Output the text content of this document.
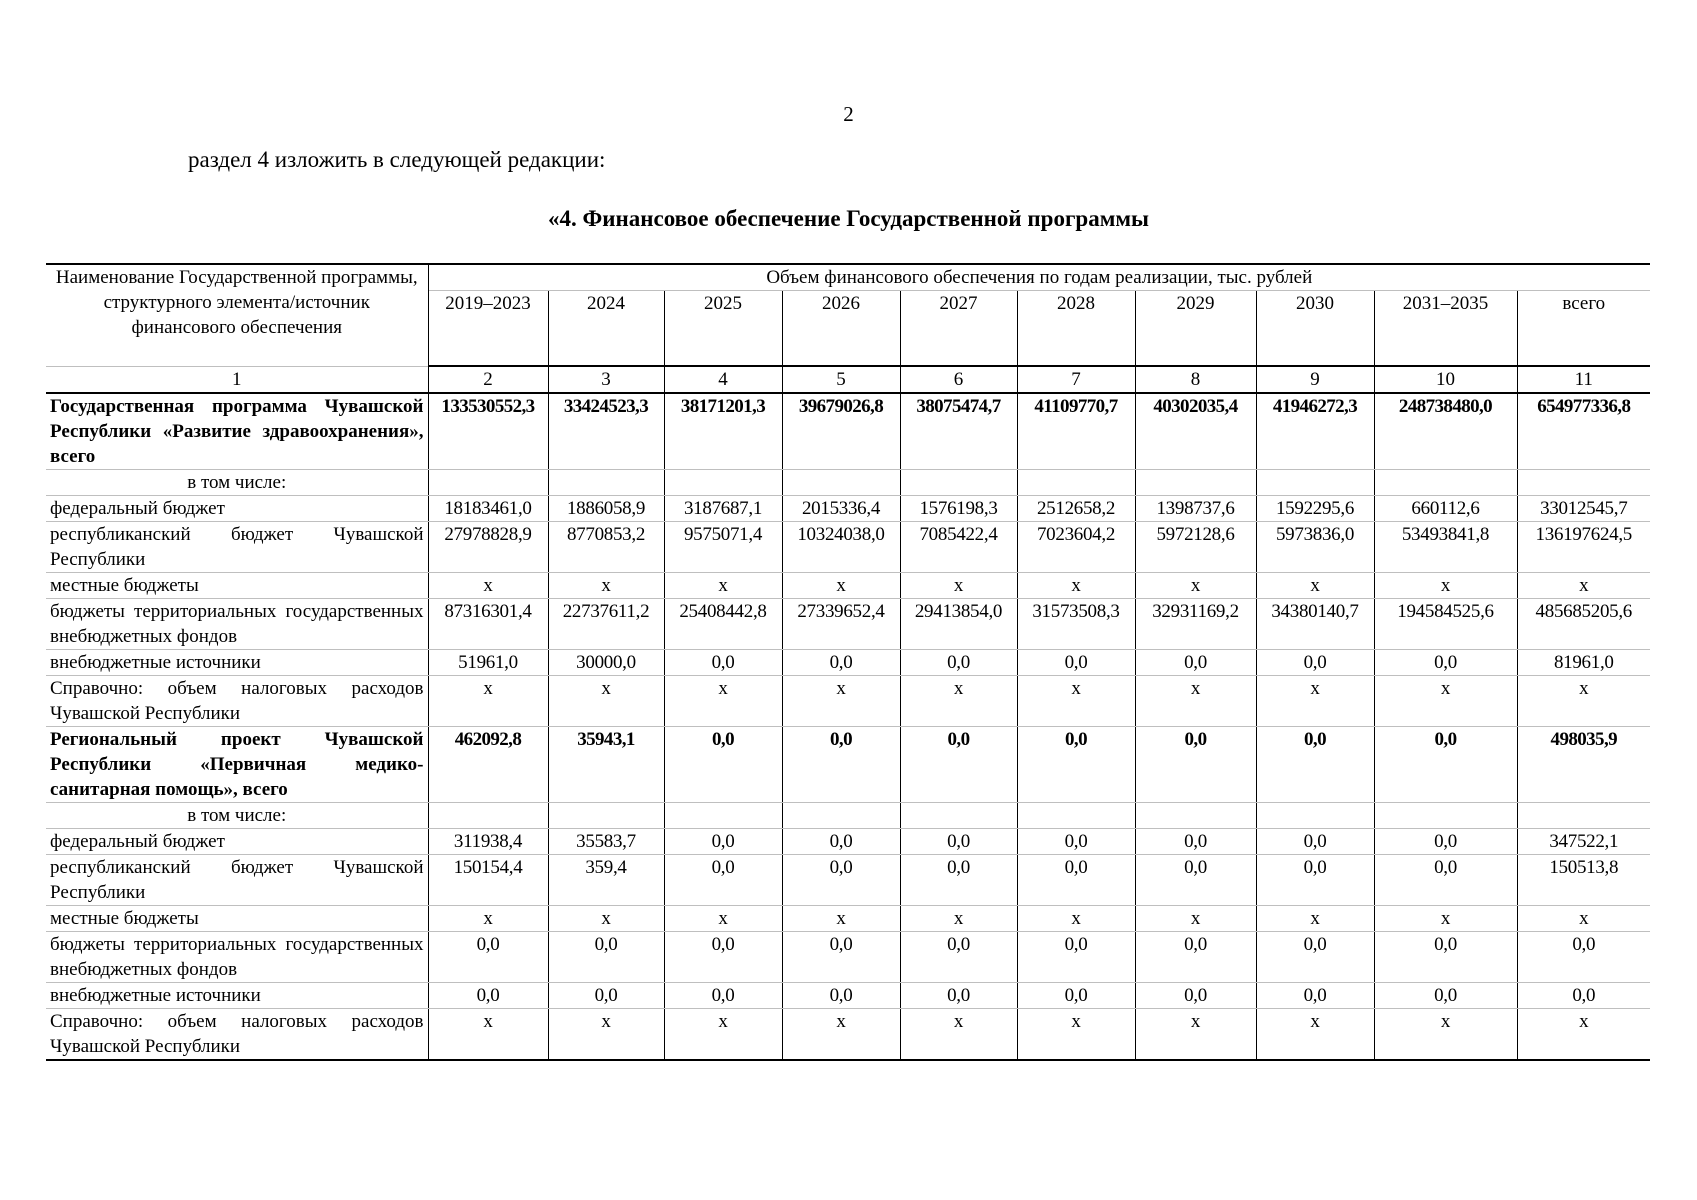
2
раздел 4 изложить в следующей редакции:
«4. Финансовое обеспечение Государственной программы
Наименование Государственной программы, структурного элемента/источник финансового обеспечения	Объем финансового обеспечения по годам реализации, тыс. рублей									
	2019–2023	2024	2025	2026	2027	2028	2029	2030	2031–2035	всего
1	2	3	4	5	6	7	8	9	10	11
Государственная программа Чувашской Республики «Развитие здравоохранения», всего	133530552,3	33424523,3	38171201,3	39679026,8	38075474,7	41109770,7	40302035,4	41946272,3	248738480,0	654977336,8
в том числе:										
федеральный бюджет	18183461,0	1886058,9	3187687,1	2015336,4	1576198,3	2512658,2	1398737,6	1592295,6	660112,6	33012545,7
республиканский бюджет Чувашской Республики	27978828,9	8770853,2	9575071,4	10324038,0	7085422,4	7023604,2	5972128,6	5973836,0	53493841,8	136197624,5
местные бюджеты	х	х	х	х	х	х	х	х	х	х
бюджеты территориальных государственных внебюджетных фондов	87316301,4	22737611,2	25408442,8	27339652,4	29413854,0	31573508,3	32931169,2	34380140,7	194584525,6	485685205,6
внебюджетные источники	51961,0	30000,0	0,0	0,0	0,0	0,0	0,0	0,0	0,0	81961,0
Справочно: объем налоговых расходов Чувашской Республики	х	х	х	х	х	х	х	х	х	х
Региональный проект Чувашской Республики «Первичная медико-санитарная помощь», всего	462092,8	35943,1	0,0	0,0	0,0	0,0	0,0	0,0	0,0	498035,9
в том числе:										
федеральный бюджет	311938,4	35583,7	0,0	0,0	0,0	0,0	0,0	0,0	0,0	347522,1
республиканский бюджет Чувашской Республики	150154,4	359,4	0,0	0,0	0,0	0,0	0,0	0,0	0,0	150513,8
местные бюджеты	х	х	х	х	х	х	х	х	х	х
бюджеты территориальных государственных внебюджетных фондов	0,0	0,0	0,0	0,0	0,0	0,0	0,0	0,0	0,0	0,0
внебюджетные источники	0,0	0,0	0,0	0,0	0,0	0,0	0,0	0,0	0,0	0,0
Справочно: объем налоговых расходов Чувашской Республики	х	х	х	х	х	х	х	х	х	х
